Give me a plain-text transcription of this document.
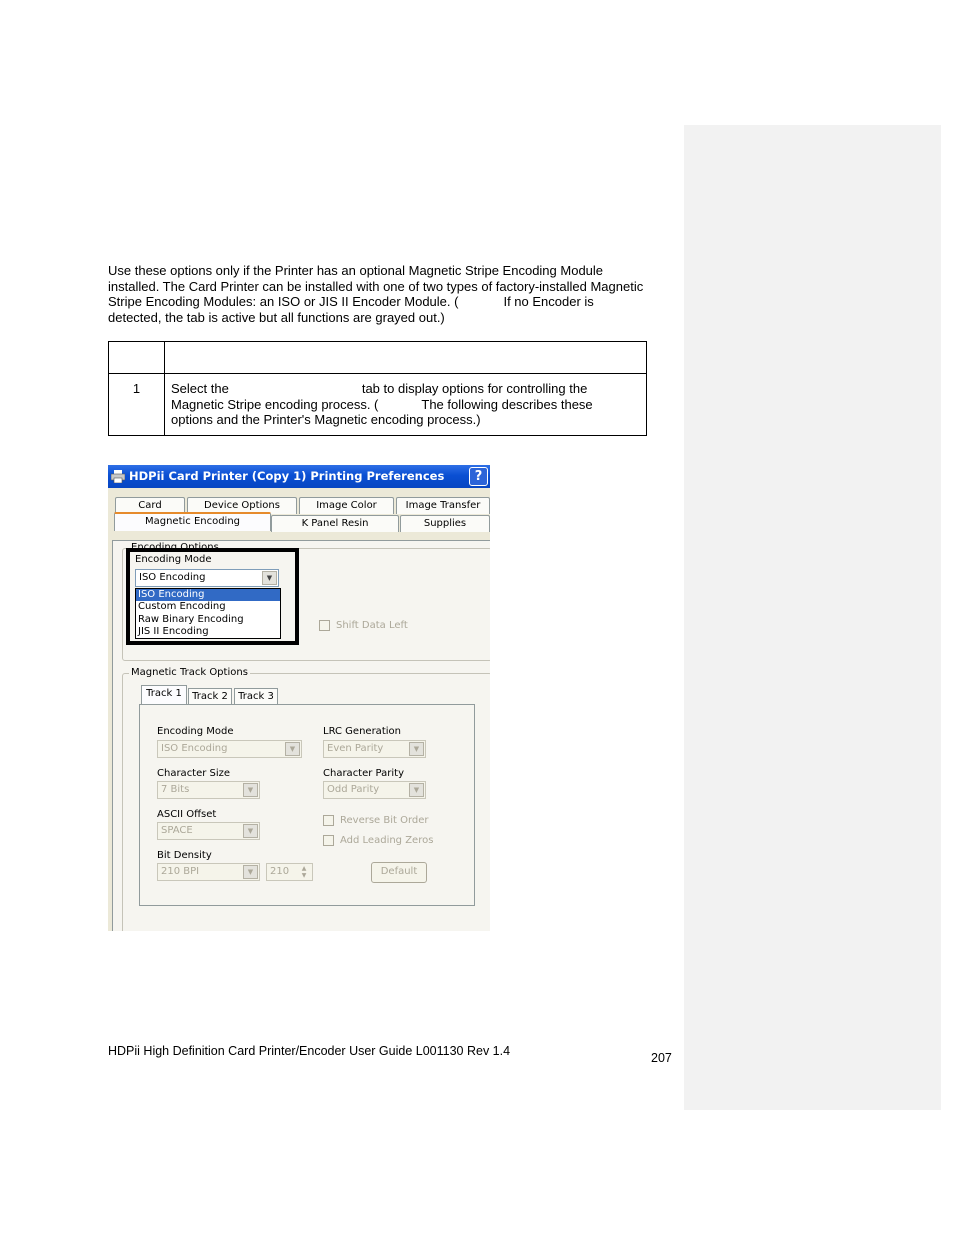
Use these options only if the Printer has an optional Magnetic Stripe Encoding Module
installed. The Card Printer can be installed with one of two types of factory-installed Magnetic
Stripe Encoding Modules: an ISO or JIS II Encoder Module. (	If no Encoder is
detected, the tab is active but all functions are grayed out.)

1	Select the tab to display options for controlling the
Magnetic Stripe encoding process. ( The following describes these
options and the Printer's Magnetic encoding process.)
HDPii Card Printer (Copy 1) Printing Preferences	?
Card	Device Options	Image Color	Image Transfer
Magnetic Encoding	K Panel Resin	Supplies
Encoding Options
Encoding Mode
ISO Encoding	▼
ISO Encoding
Custom Encoding
Raw Binary Encoding
JIS II Encoding
Shift Data Left
Magnetic Track Options
Track 1	Track 2	Track 3
Encoding Mode
ISO Encoding	▼
LRC Generation
Even Parity	▼
Character Size
7 Bits	▼
Character Parity
Odd Parity	▼
ASCII Offset
SPACE	▼
Reverse Bit Order
Add Leading Zeros
Bit Density
210 BPI	▼	210	▲
▼	Default
HDPii High Definition Card Printer/Encoder User Guide L001130 Rev 1.4	207
